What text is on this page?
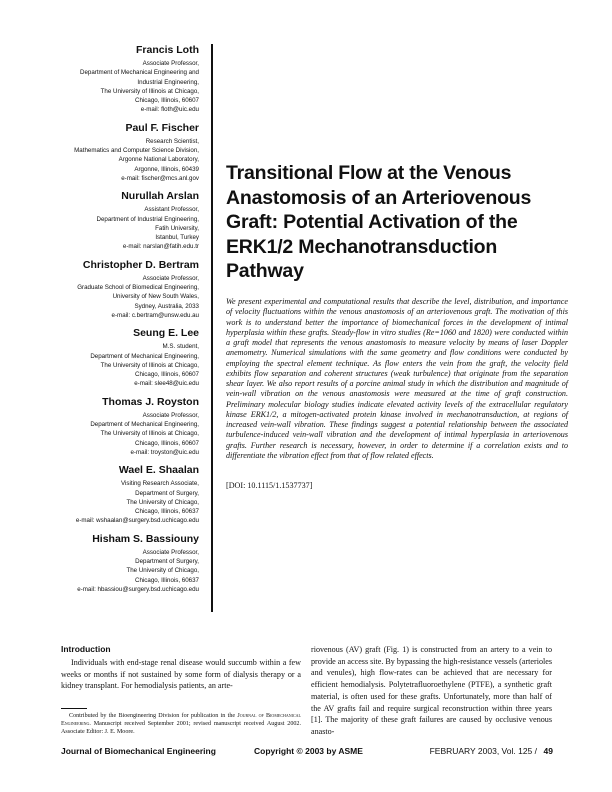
Francis Loth
Associate Professor,
Department of Mechanical Engineering and
Industrial Engineering,
The University of Illinois at Chicago,
Chicago, Illinois, 60607
e-mail: floth@uic.edu
Paul F. Fischer
Research Scientist,
Mathematics and Computer Science Division,
Argonne National Laboratory,
Argonne, Illinois, 60439
e-mail: fischer@mcs.anl.gov
Nurullah Arslan
Assistant Professor,
Department of Industrial Engineering,
Fatih University,
Istanbul, Turkey
e-mail: narslan@fatih.edu.tr
Christopher D. Bertram
Associate Professor,
Graduate School of Biomedical Engineering,
University of New South Wales,
Sydney, Australia, 2033
e-mail: c.bertram@unsw.edu.au
Seung E. Lee
M.S. student,
Department of Mechanical Engineering,
The University of Illinois at Chicago,
Chicago, Illinois, 60607
e-mail: slee48@uic.edu
Thomas J. Royston
Associate Professor,
Department of Mechanical Engineering,
The University of Illinois at Chicago,
Chicago, Illinois, 60607
e-mail: troyston@uic.edu
Wael E. Shaalan
Visiting Research Associate,
Department of Surgery,
The University of Chicago,
Chicago, Illinois, 60637
e-mail: wshaalan@surgery.bsd.uchicago.edu
Hisham S. Bassiouny
Associate Professor,
Department of Surgery,
The University of Chicago,
Chicago, Illinois, 60637
e-mail: hbassiou@surgery.bsd.uchicago.edu
Transitional Flow at the Venous
Anastomosis of an Arteriovenous
Graft: Potential Activation of the
ERK1/2 Mechanotransduction
Pathway

We present experimental and computational results that describe the level, distribution, and importance of velocity fluctuations within the venous anastomosis of an arteriovenous graft. The motivation of this work is to understand better the importance of biomechanical forces in the development of intimal hyperplasia within these grafts. Steady-flow in vitro studies (Re=1060 and 1820) were conducted within a graft model that represents the venous anastomosis to measure velocity by means of laser Doppler anemometry. Numerical simulations with the same geometry and flow conditions were conducted by employing the spectral element technique. As flow enters the vein from the graft, the velocity field exhibits flow separation and coherent structures (weak turbulence) that originate from the separation shear layer. We also report results of a porcine animal study in which the distribution and magnitude of vein-wall vibration on the venous anastomosis were measured at the time of graft construction. Preliminary molecular biology studies indicate elevated activity levels of the extracellular regulatory kinase ERK1/2, a mitogen-activated protein kinase involved in mechanotransduction, at regions of increased vein-wall vibration. These findings suggest a potential relationship between the associated turbulence-induced vein-wall vibration and the development of intimal hyperplasia in arteriovenous grafts. Further research is necessary, however, in order to determine if a correlation exists and to differentiate the vibration effect from that of flow related effects.

[DOI: 10.1115/1.1537737]

Introduction

Individuals with end-stage renal disease would succumb within a few weeks or months if not sustained by some form of dialysis therapy or a kidney transplant. For hemodialysis patients, an arte-

riovenous (AV) graft (Fig. 1) is constructed from an artery to a vein to provide an access site. By bypassing the high-resistance vessels (arterioles and venules), high flow-rates can be achieved that are necessary for efficient hemodialysis. Polytetrafluoroethylene (PTFE), a synthetic graft material, is often used for these grafts. Unfortunately, more than half of the AV grafts fail and require surgical reconstruction within three years [1]. The majority of these graft failures are caused by occlusive venous anasto-

Contributed by the Bioengineering Division for publication in the Journal of Biomechanical Engineering. Manuscript received September 2001; revised manuscript received August 2002. Associate Editor: J. E. Moore.

Journal of Biomechanical Engineering	Copyright © 2003 by ASME	FEBRUARY 2003, Vol. 125 / 49
